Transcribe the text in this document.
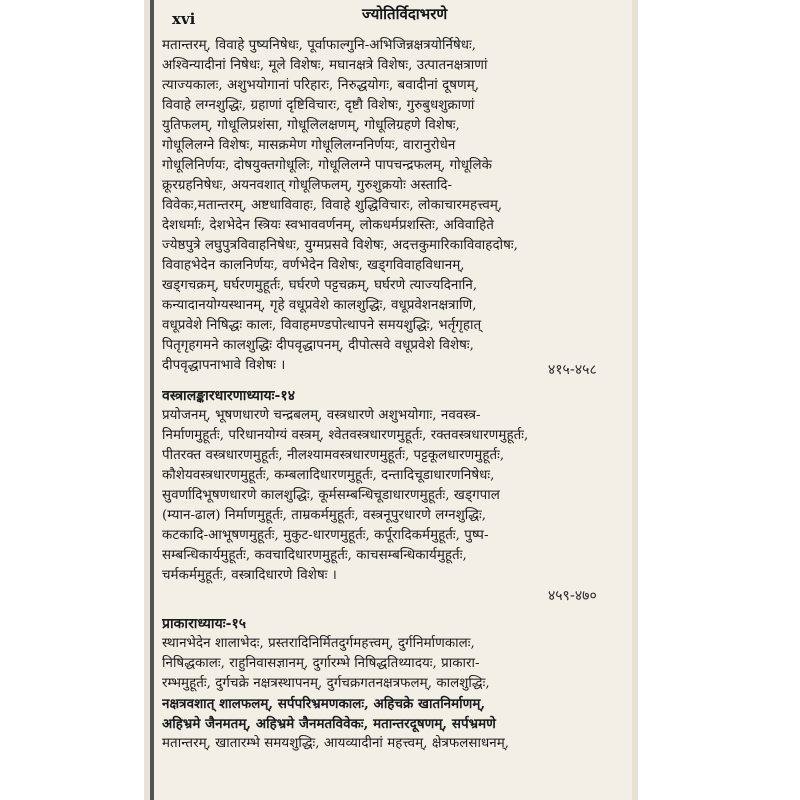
xvi	ज्योतिर्विदाभरणे
मतान्तरम्, विवाहे पुष्यनिषेधः, पूर्वाफाल्गुनि-अभिजिन्नक्षत्रयोर्निषेधः,
अश्विन्यादीनां निषेधः, मूले विशेषः, मघानक्षत्रे विशेषः, उत्पातनक्षत्राणां
त्याज्यकालः, अशुभयोगानां परिहारः, निरुद्धयोगः, बवादीनां दूषणम्,
विवाहे लग्नशुद्धिः, ग्रहाणां दृष्टिविचारः, दृष्टौ विशेषः, गुरुबुधशुक्राणां
युतिफलम्, गोधूलिप्रशंसा, गोधूलिलक्षणम्, गोधूलिग्रहणे विशेषः,
गोधूलिलग्ने विशेषः, मासक्रमेण गोधूलिलग्ननिर्णयः, वारानुरोधेन
गोधूलिनिर्णयः, दोषयुक्तगोधूलिः, गोधूलिलग्ने पापचन्द्रफलम्, गोधूलिके
क्रूरग्रहनिषेधः, अयनवशात् गोधूलिफलम्, गुरुशुक्रयोः अस्तादि-
विवेकः,मतान्तरम्, अष्टधाविवाहः, विवाहे शुद्धिविचारः, लोकाचारमहत्त्वम्,
देशधर्माः, देशभेदेन स्त्रियः स्वभाववर्णनम्, लोकधर्मप्रशस्तिः, अविवाहिते
ज्येष्ठपुत्रे लघुपुत्रविवाहनिषेधः, युग्मप्रसवे विशेषः, अदत्तकुमारिकाविवाहदोषः,
विवाहभेदेन कालनिर्णयः, वर्णभेदेन विशेषः, खड्गविवाहविधानम्,
खड्गचक्रम्, घर्घरणमुहूर्तः, घर्घरणे पट्टचक्रम्, घर्घरणे त्याज्यदिनानि,
कन्यादानयोग्यस्थानम्, गृहे वधूप्रवेशे कालशुद्धिः, वधूप्रवेशनक्षत्राणि,
वधूप्रवेशे निषिद्धः कालः, विवाहमण्डपोत्थापने समयशुद्धिः, भर्तृगृहात्
पितृगृहगमने कालशुद्धिः दीपवृद्धापनम्, दीपोत्सवे वधूप्रवेशे विशेषः,
दीपवृद्धापनाभावे विशेषः ।	४१५-४५८
वस्त्रालङ्कारधारणाध्यायः-१४
प्रयोजनम्, भूषणधारणे चन्द्रबलम्, वस्त्रधारणे अशुभयोगाः, नववस्त्र-
निर्माणमुहूर्तः, परिधानयोग्यं वस्त्रम्, श्वेतवस्त्रधारणमुहूर्तः, रक्तवस्त्रधारणमुहूर्तः,
पीतरक्त वस्त्रधारणमुहूर्तः, नीलश्यामवस्त्रधारणमुहूर्तः, पट्टकूलधारणमुहूर्तः,
कौशेयवस्त्रधारणमुहूर्तः, कम्बलादिधारणमुहूर्तः, दन्तादिचूडाधारणनिषेधः,
सुवर्णादिभूषणधारणे कालशुद्धिः, कूर्मसम्बन्धिचूडाधारणमुहूर्तः, खड्गपाल
(म्यान-ढाल) निर्माणमुहूर्तः, ताम्रकर्ममुहूर्तः, वस्त्रनूपुरधारणे लग्नशुद्धिः,
कटकादि-आभूषणमुहूर्तः, मुकुट-धारणमुहूर्तः, कर्पूरादिकर्ममुहूर्तः, पुष्प-
सम्बन्धिकार्यमुहूर्तः, कवचादिधारणमुहूर्तः, काचसम्बन्धिकार्यमुहूर्तः,
चर्मकर्ममुहूर्तः, वस्त्रादिधारणे विशेषः ।
४५९-४७०
प्राकाराध्यायः-१५
स्थानभेदेन शालाभेदः, प्रस्तरादिनिर्मितदुर्गमहत्त्वम्, दुर्गनिर्माणकालः,
निषिद्धकालः, राहुनिवासज्ञानम्, दुर्गारम्भे निषिद्धतिथ्यादयः, प्राकारा-
रम्भमुहूर्तः, दुर्गचक्रे नक्षत्रस्थापनम्, दुर्गचक्रगतनक्षत्रफलम्, कालशुद्धिः,
नक्षत्रवशात् शालफलम्, सर्पपरिभ्रमणकालः, अहिचक्रे खातनिर्माणम्,
अहिभ्रमे जैनमतम्, अहिभ्रमे जैनमतविवेकः, मतान्तरदूषणम्, सर्पभ्रमणे
मतान्तरम्, खातारम्भे समयशुद्धिः, आयव्यादीनां महत्त्वम्, क्षेत्रफलसाधनम्,
